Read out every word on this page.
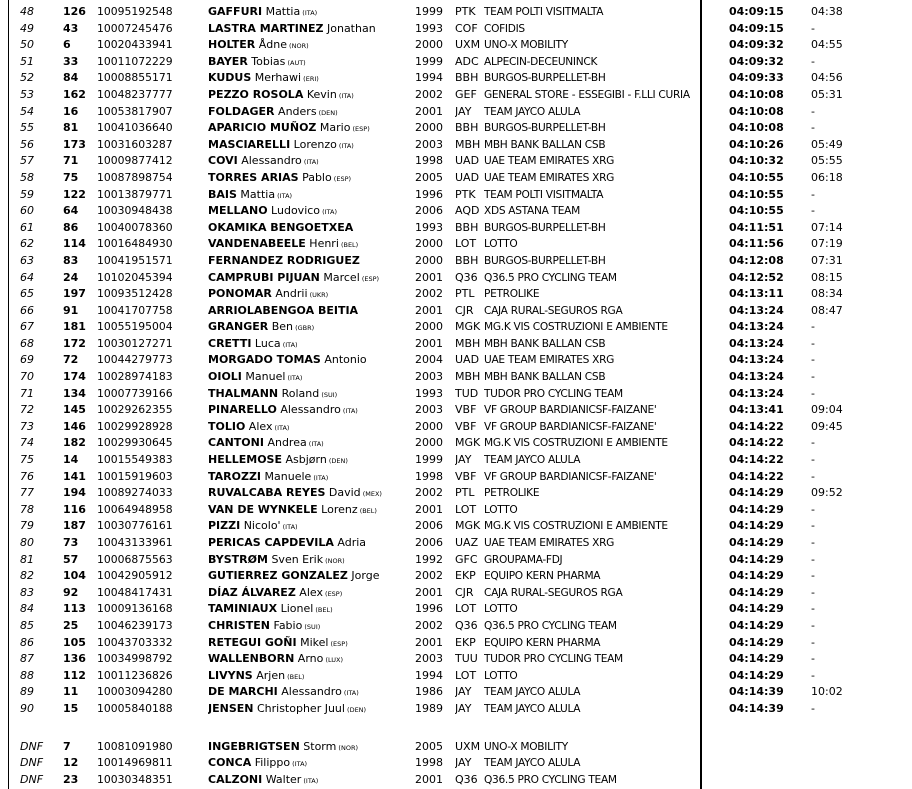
48	126	10095192548	GAFFURI Mattia (ITA)	1999	PTK TEAM POLTI VISITMALTA	04:09:15	04:38
49	43	10007245476	LASTRA MARTINEZ Jonathan	1993	COF COFIDIS	04:09:15	-
50	6	10020433941	HOLTER Ådne (NOR)	2000	UXM UNO-X MOBILITY	04:09:32	04:55
51	33	10011072229	BAYER Tobias (AUT)	1999	ADC ALPECIN-DECEUNINCK	04:09:32	-
52	84	10008855171	KUDUS Merhawi (ERI)	1994	BBH BURGOS-BURPELLET-BH	04:09:33	04:56
53	162	10048237777	PEZZO ROSOLA Kevin (ITA)	2002	GEF GENERAL STORE - ESSEGIBI - F.LLI CURIA	04:10:08	05:31
54	16	10053817907	FOLDAGER Anders (DEN)	2001	JAY	TEAM JAYCO ALULA	04:10:08	-
55	81	10041036640	APARICIO MUÑOZ Mario (ESP)	2000	BBH BURGOS-BURPELLET-BH	04:10:08	-
56	173	10031603287	MASCIARELLI Lorenzo (ITA)	2003	MBH MBH BANK BALLAN CSB	04:10:26	05:49
57	71	10009877412	COVI Alessandro (ITA)	1998	UAD UAE TEAM EMIRATES XRG	04:10:32	05:55
58	75	10087898754	TORRES ARIAS Pablo (ESP)	2005	UAD UAE TEAM EMIRATES XRG	04:10:55	06:18
59	122	10013879771	BAIS Mattia (ITA)	1996	PTK TEAM POLTI VISITMALTA	04:10:55	-
60	64	10030948438	MELLANO Ludovico (ITA)	2006	AQD XDS ASTANA TEAM	04:10:55	-
61	86	10040078360	OKAMIKA BENGOETXEA	1993	BBH BURGOS-BURPELLET-BH	04:11:51	07:14
62	114	10016484930	VANDENABEELE Henri (BEL)	2000	LOT LOTTO	04:11:56	07:19
63	83	10041951571	FERNANDEZ RODRIGUEZ	2000	BBH BURGOS-BURPELLET-BH	04:12:08	07:31
64	24	10102045394	CAMPRUBI PIJUAN Marcel (ESP)	2001	Q36 Q36.5 PRO CYCLING TEAM	04:12:52	08:15
65	197	10093512428	PONOMAR Andrii (UKR)	2002	PTL PETROLIKE	04:13:11	08:34
66	91	10041707758	ARRIOLABENGOA BEITIA	2001	CJR CAJA RURAL-SEGUROS RGA	04:13:24	08:47
67	181	10055195004	GRANGER Ben (GBR)	2000	MGK MG.K VIS COSTRUZIONI E AMBIENTE	04:13:24	-
68	172	10030127271	CRETTI Luca (ITA)	2001	MBH MBH BANK BALLAN CSB	04:13:24	-
69	72	10044279773	MORGADO TOMAS Antonio	2004	UAD UAE TEAM EMIRATES XRG	04:13:24	-
70	174	10028974183	OIOLI Manuel (ITA)	2003	MBH MBH BANK BALLAN CSB	04:13:24	-
71	134	10007739166	THALMANN Roland (SUI)	1993	TUD TUDOR PRO CYCLING TEAM	04:13:24	-
72	145	10029262355	PINARELLO Alessandro (ITA)	2003	VBF VF GROUP BARDIANICSF-FAIZANE'	04:13:41	09:04
73	146	10029928928	TOLIO Alex (ITA)	2000	VBF VF GROUP BARDIANICSF-FAIZANE'	04:14:22	09:45
74	182	10029930645	CANTONI Andrea (ITA)	2000	MGK MG.K VIS COSTRUZIONI E AMBIENTE	04:14:22	-
75	14	10015549383	HELLEMOSE Asbjørn (DEN)	1999	JAY	TEAM JAYCO ALULA	04:14:22	-
76	141	10015919603	TAROZZI Manuele (ITA)	1998	VBF VF GROUP BARDIANICSF-FAIZANE'	04:14:22	-
77	194	10089274033	RUVALCABA REYES David (MEX)	2002	PTL PETROLIKE	04:14:29	09:52
78	116	10064948958	VAN DE WYNKELE Lorenz (BEL)	2001	LOT LOTTO	04:14:29	-
79	187	10030776161	PIZZI Nicolo' (ITA)	2006	MGK MG.K VIS COSTRUZIONI E AMBIENTE	04:14:29	-
80	73	10043133961	PERICAS CAPDEVILA Adria	2006	UAZ UAE TEAM EMIRATES XRG	04:14:29	-
81	57	10006875563	BYSTRØM Sven Erik (NOR)	1992	GFC GROUPAMA-FDJ	04:14:29	-
82	104	10042905912	GUTIERREZ GONZALEZ Jorge	2002	EKP EQUIPO KERN PHARMA	04:14:29	-
83	92	10048417431	DÍAZ ÁLVAREZ Alex (ESP)	2001	CJR CAJA RURAL-SEGUROS RGA	04:14:29	-
84	113	10009136168	TAMINIAUX Lionel (BEL)	1996	LOT LOTTO	04:14:29	-
85	25	10046239173	CHRISTEN Fabio (SUI)	2002	Q36 Q36.5 PRO CYCLING TEAM	04:14:29	-
86	105	10043703332	RETEGUI GOÑI Mikel (ESP)	2001	EKP EQUIPO KERN PHARMA	04:14:29	-
87	136	10034998792	WALLENBORN Arno (LUX)	2003	TUU TUDOR PRO CYCLING TEAM	04:14:29	-
88	112	10011236826	LIVYNS Arjen (BEL)	1994	LOT LOTTO	04:14:29	-
89	11	10003094280	DE MARCHI Alessandro (ITA)	1986	JAY	TEAM JAYCO ALULA	04:14:39	10:02
90	15	10005840188	JENSEN Christopher Juul (DEN)	1989	JAY	TEAM JAYCO ALULA	04:14:39	-
DNF	7	10081091980	INGEBRIGTSEN Storm (NOR)	2005	UXM UNO-X MOBILITY
DNF	12	10014969811	CONCA Filippo (ITA)	1998	JAY	TEAM JAYCO ALULA
DNF	23	10030348351	CALZONI Walter (ITA)	2001	Q36 Q36.5 PRO CYCLING TEAM
